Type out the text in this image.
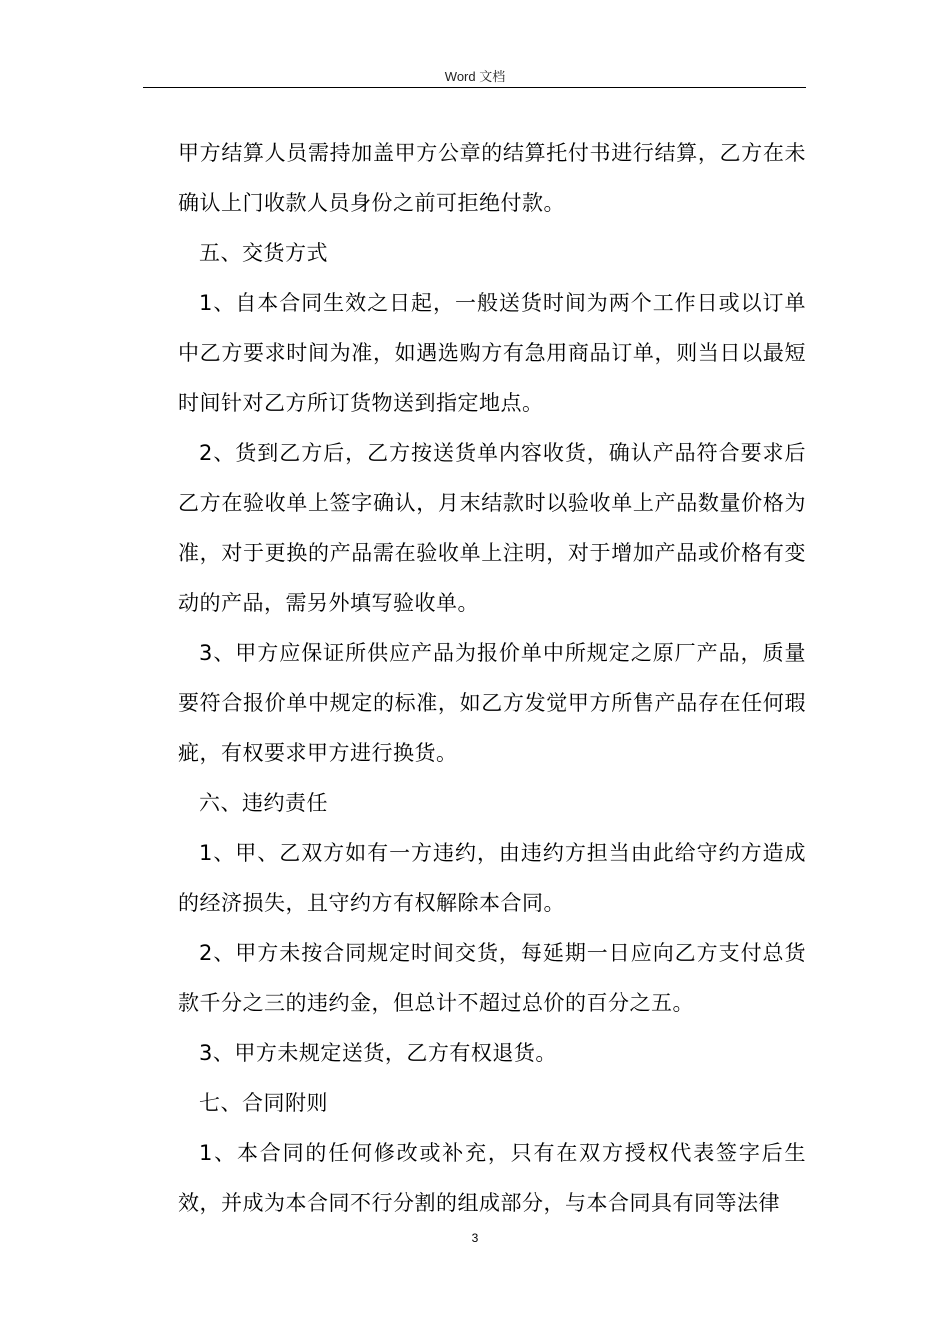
Word 文档

甲方结算人员需持加盖甲方公章的结算托付书进行结算，乙方在未确认上门收款人员身份之前可拒绝付款。

五、交货方式

1、自本合同生效之日起，一般送货时间为两个工作日或以订单中乙方要求时间为准，如遇选购方有急用商品订单，则当日以最短时间针对乙方所订货物送到指定地点。

2、货到乙方后，乙方按送货单内容收货，确认产品符合要求后乙方在验收单上签字确认，月末结款时以验收单上产品数量价格为准，对于更换的产品需在验收单上注明，对于增加产品或价格有变动的产品，需另外填写验收单。

3、甲方应保证所供应产品为报价单中所规定之原厂产品，质量要符合报价单中规定的标准，如乙方发觉甲方所售产品存在任何瑕疵，有权要求甲方进行换货。

六、违约责任

1、甲、乙双方如有一方违约，由违约方担当由此给守约方造成的经济损失，且守约方有权解除本合同。

2、甲方未按合同规定时间交货，每延期一日应向乙方支付总货款千分之三的违约金，但总计不超过总价的百分之五。

3、甲方未规定送货，乙方有权退货。

七、合同附则

1、本合同的任何修改或补充，只有在双方授权代表签字后生效，并成为本合同不行分割的组成部分，与本合同具有同等法律

3
